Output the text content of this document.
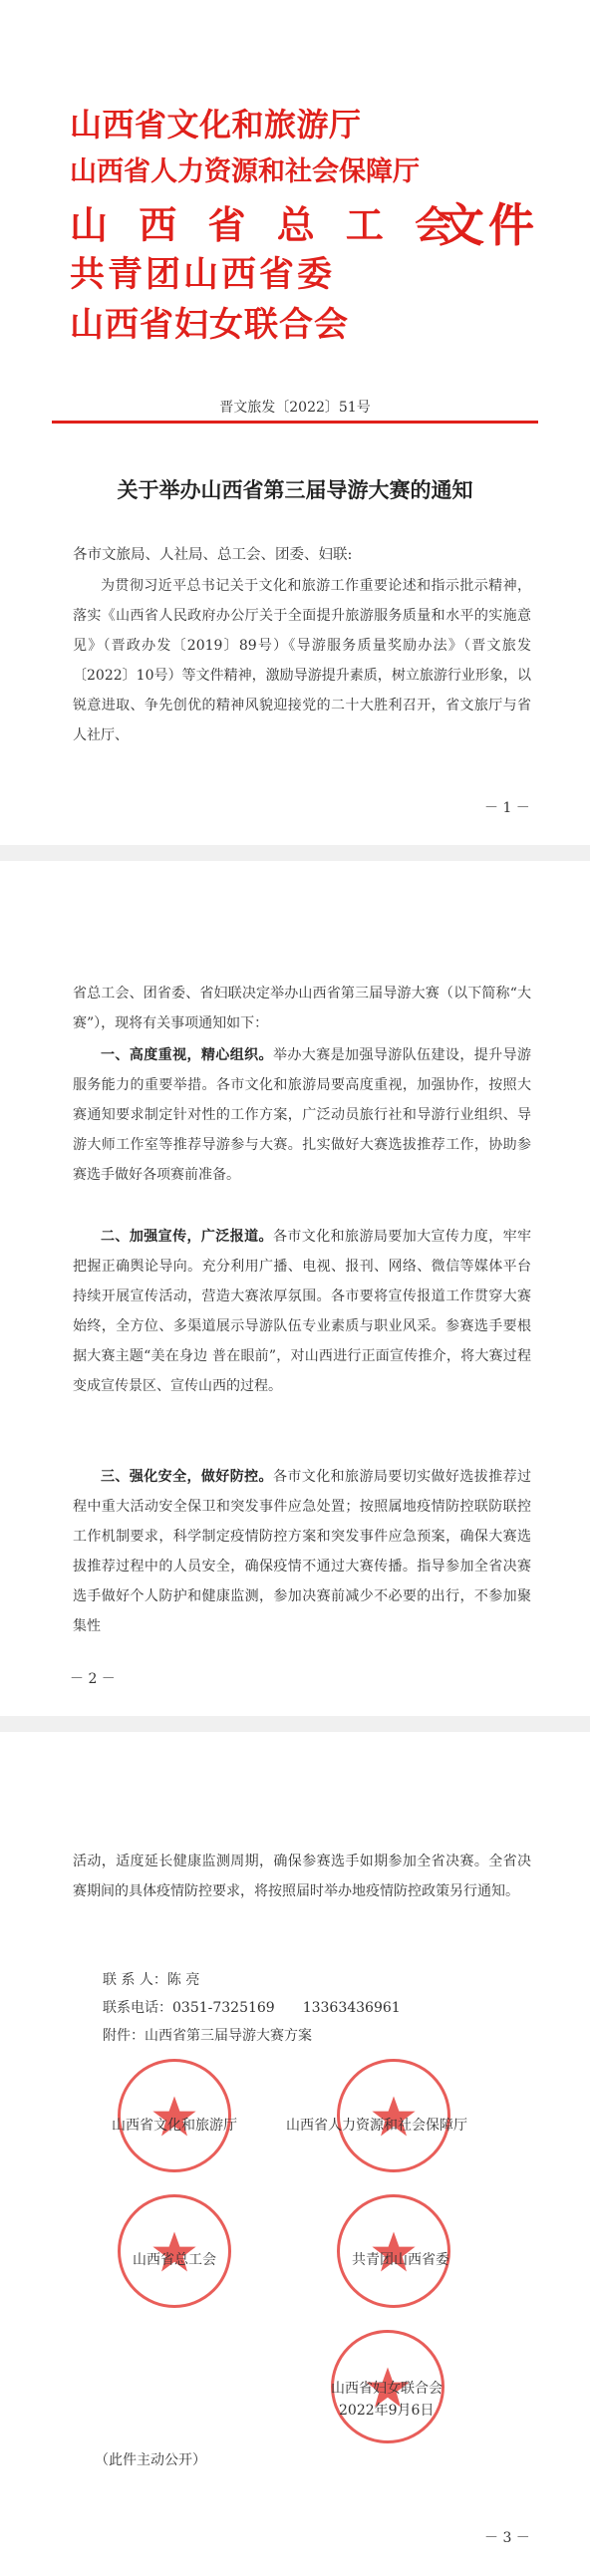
山西省文化和旅游厅
山西省人力资源和社会保障厅
山 西 省 总 工 会
共青团山西省委
山西省妇女联合会
文件
晋文旅发〔2022〕51号
关于举办山西省第三届导游大赛的通知
各市文旅局、人社局、总工会、团委、妇联:

为贯彻习近平总书记关于文化和旅游工作重要论述和指示批示精神，落实《山西省人民政府办公厅关于全面提升旅游服务质量和水平的实施意见》（晋政办发〔2019〕89号）《导游服务质量奖励办法》（晋文旅发〔2022〕10号）等文件精神，激励导游提升素质，树立旅游行业形象，以锐意进取、争先创优的精神风貌迎接党的二十大胜利召开，省文旅厅与省人社厅、

－ 1 －

省总工会、团省委、省妇联决定举办山西省第三届导游大赛（以下简称“大赛”），现将有关事项通知如下：

一、高度重视，精心组织。举办大赛是加强导游队伍建设，提升导游服务能力的重要举措。各市文化和旅游局要高度重视，加强协作，按照大赛通知要求制定针对性的工作方案，广泛动员旅行社和导游行业组织、导游大师工作室等推荐导游参与大赛。扎实做好大赛选拔推荐工作，协助参赛选手做好各项赛前准备。

二、加强宣传，广泛报道。各市文化和旅游局要加大宣传力度，牢牢把握正确舆论导向。充分利用广播、电视、报刊、网络、微信等媒体平台持续开展宣传活动，营造大赛浓厚氛围。各市要将宣传报道工作贯穿大赛始终，全方位、多渠道展示导游队伍专业素质与职业风采。参赛选手要根据大赛主题“美在身边 普在眼前”，对山西进行正面宣传推介，将大赛过程变成宣传景区、宣传山西的过程。

三、强化安全，做好防控。各市文化和旅游局要切实做好选拔推荐过程中重大活动安全保卫和突发事件应急处置；按照属地疫情防控联防联控工作机制要求，科学制定疫情防控方案和突发事件应急预案，确保大赛选拔推荐过程中的人员安全，确保疫情不通过大赛传播。指导参加全省决赛选手做好个人防护和健康监测，参加决赛前减少不必要的出行，不参加聚集性

－ 2 －

活动，适度延长健康监测周期，确保参赛选手如期参加全省决赛。全省决赛期间的具体疫情防控要求，将按照届时举办地疫情防控政策另行通知。

联 系 人：陈 亮
联系电话：0351-7325169　　13363436961
附件：山西省第三届导游大赛方案
山西省文化和旅游厅	山西省人力资源和社会保障厅
山西省总工会	共青团山西省委
山西省妇女联合会
2022年9月6日
（此件主动公开）
－ 3 －
